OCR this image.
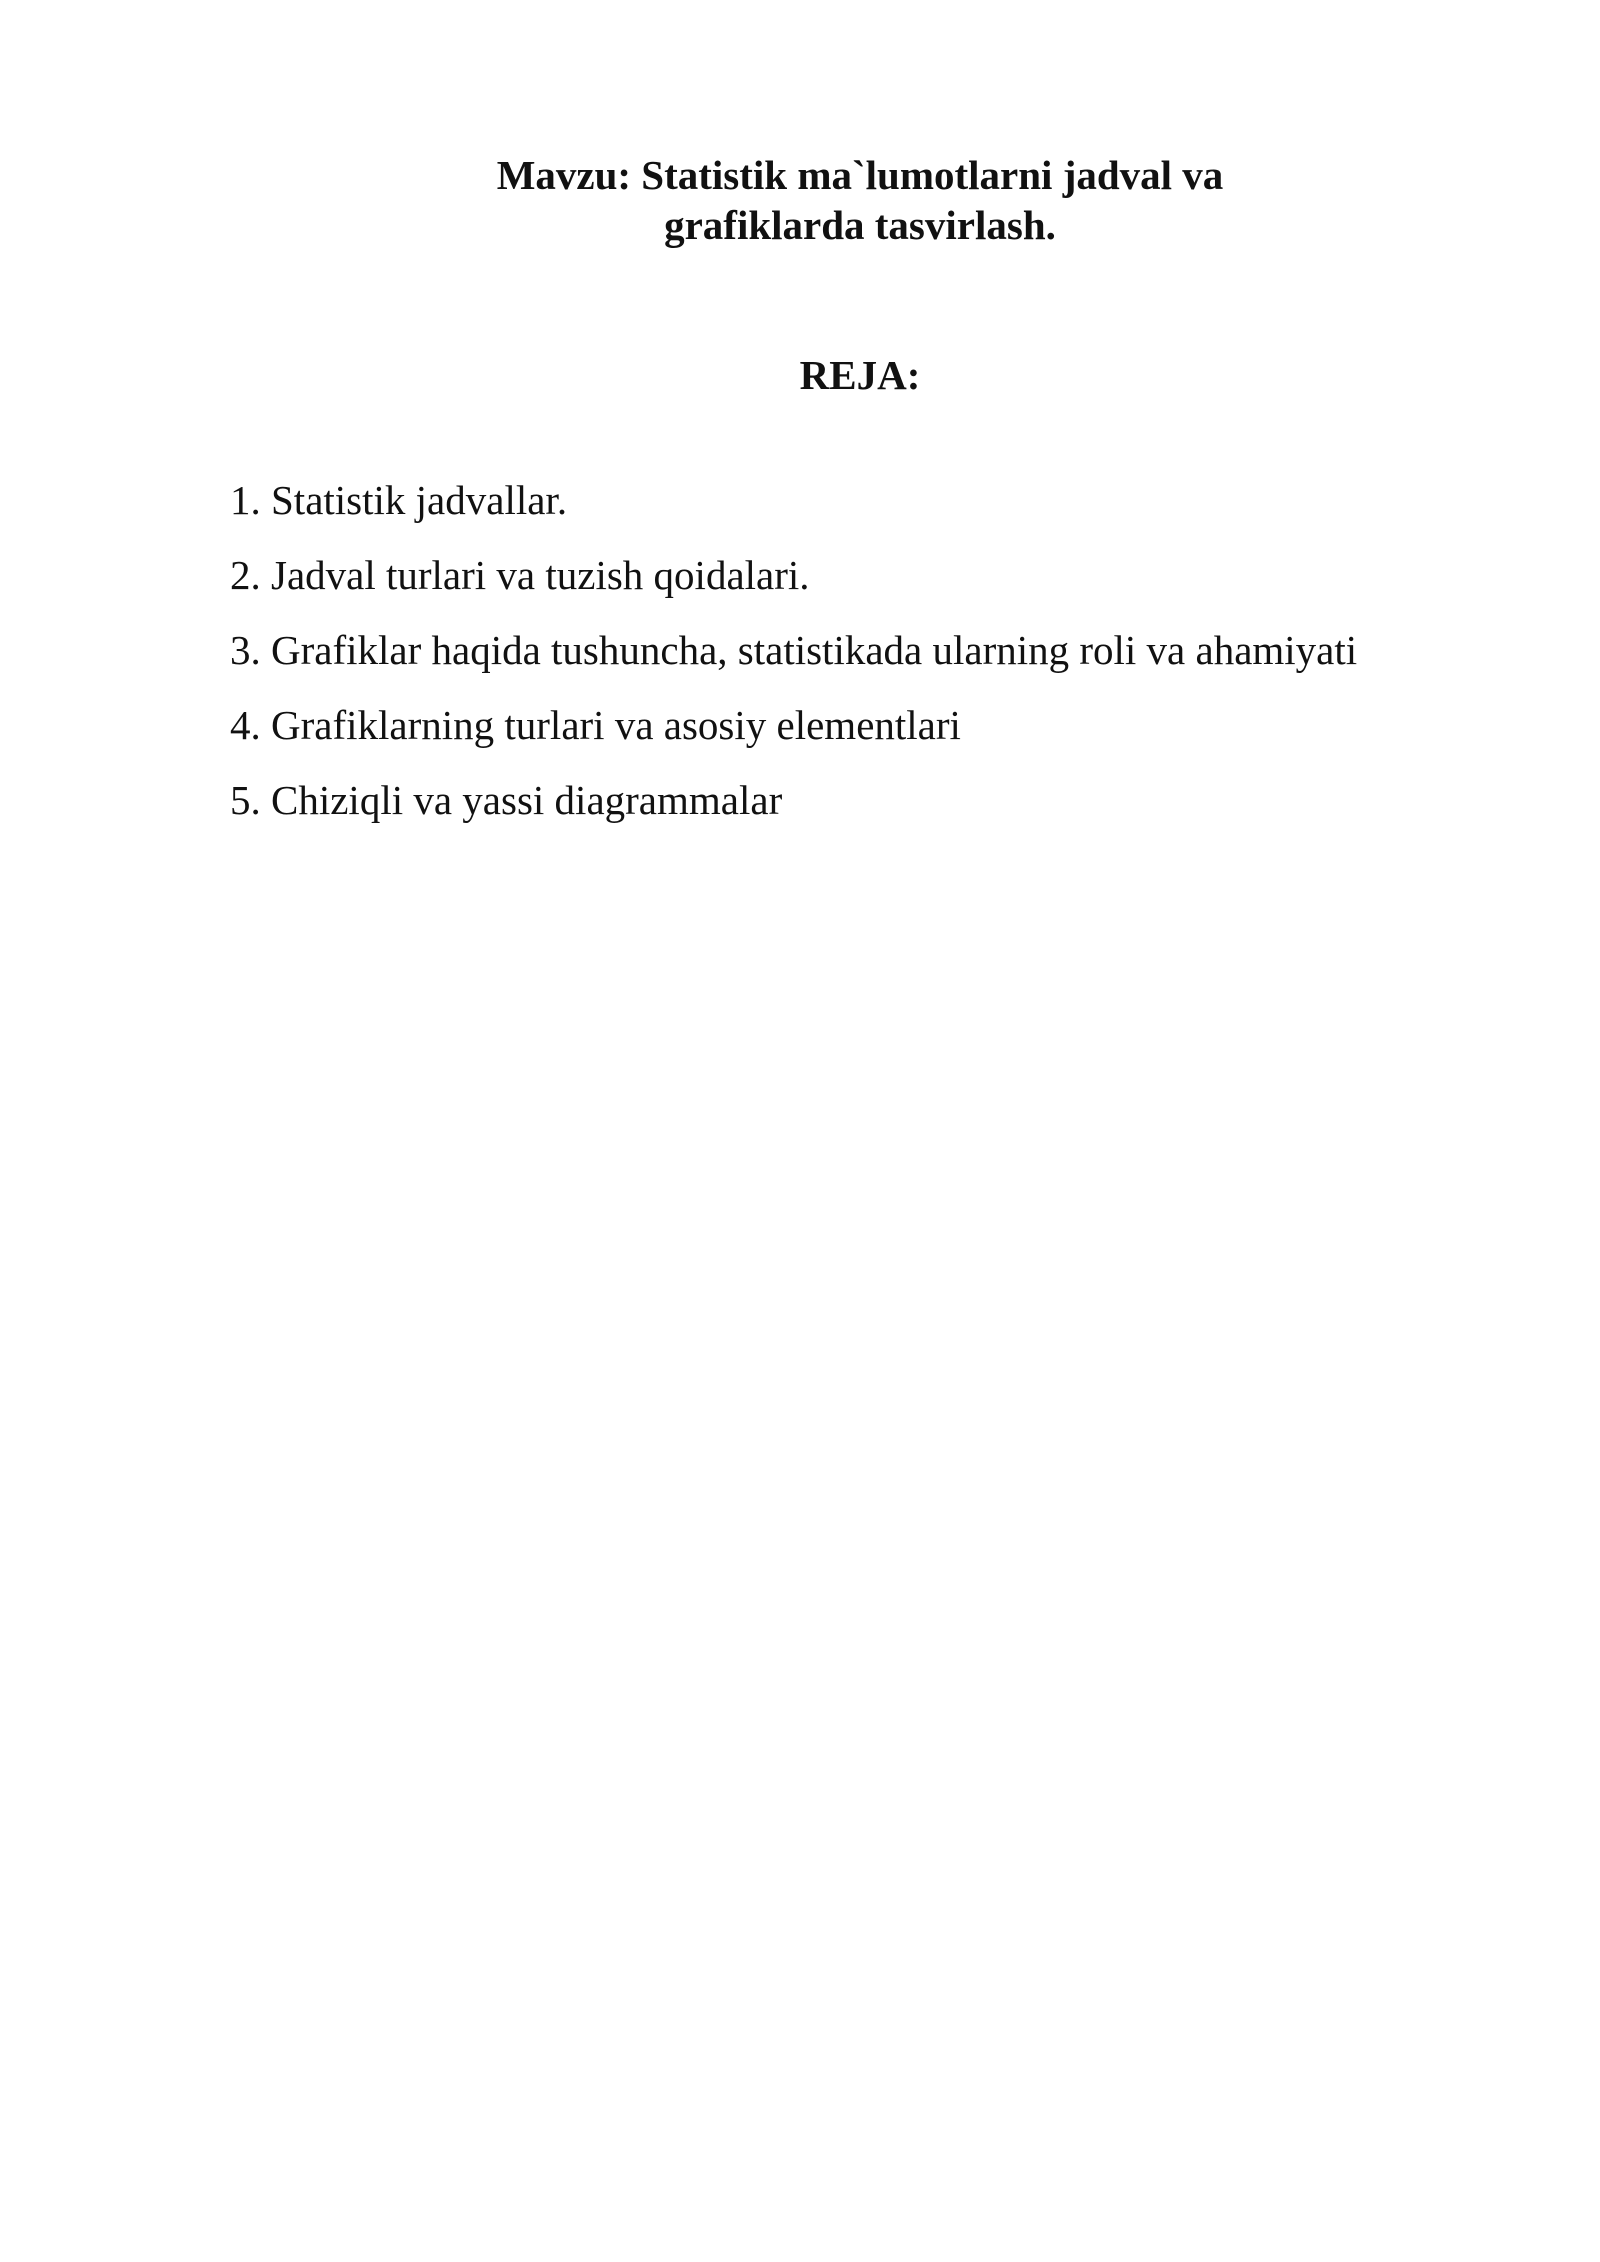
Mavzu: Statistik ma`lumotlarni jadval va
grafiklarda tasvirlash.
REJA:
1. Statistik jadvallar.
2. Jadval turlari va tuzish qoidalari.
3. Grafiklar haqida tushuncha, statistikada ularning roli va ahamiyati
4. Grafiklarning turlari va asosiy elementlari
5. Chiziqli va yassi diagrammalar
